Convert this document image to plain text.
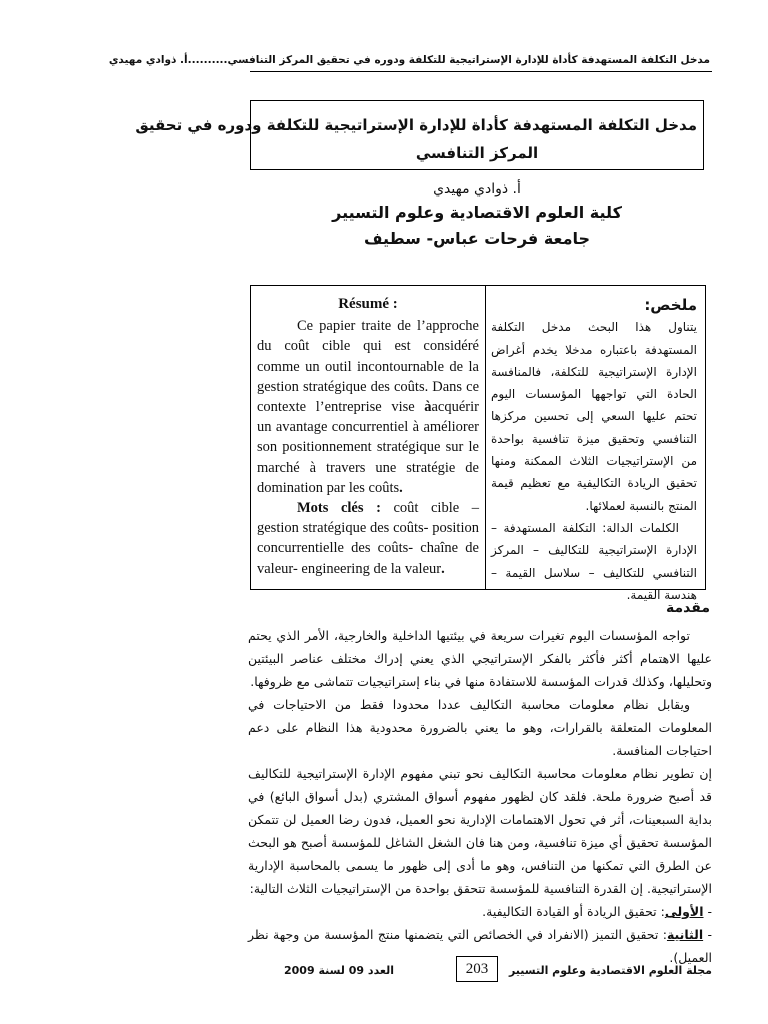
مدخل التكلفة المستهدفة كأداة للإدارة الإستراتيجية للتكلفة ودوره في تحقيق المركز التنافسي..........أ. ذوادي مهيدي
مدخل التكلفة المستهدفة كأداة للإدارة الإستراتيجية للتكلفة ودوره في تحقيق
المركز التنافسي
أ. ذوادي مهيدي
كلية العلوم الاقتصادية وعلوم التسيير
جامعة فرحات عباس- سطيف
Résumé :

Ce papier traite de l’approche du coût cible qui est considéré comme un outil incontournable de la gestion stratégique des coûts. Dans ce contexte l’entreprise vise àacquérir un avantage concurrentiel à améliorer son positionnement stratégique sur le marché à travers une stratégie de domination par les coûts.

Mots clés : coût cible – gestion stratégique des coûts- position concurrentielle des coûts- chaîne de valeur- engineering de la valeur.

ملخص:

يتناول هذا البحث مدخل التكلفة المستهدفة باعتباره مدخلا يخدم أغراض الإدارة الإستراتيجية للتكلفة، فالمنافسة الحادة التي تواجهها المؤسسات اليوم تحتم عليها السعي إلى تحسين مركزها التنافسي وتحقيق ميزة تنافسية بواحدة من الإستراتيجيات الثلاث الممكنة ومنها تحقيق الريادة التكاليفية مع تعظيم قيمة المنتج بالنسبة لعملائها.

الكلمات الدالة: التكلفة المستهدفة – الإدارة الإستراتيجية للتكاليف – المركز التنافسي للتكاليف – سلاسل القيمة – هندسة القيمة.

مقدمة

تواجه المؤسسات اليوم تغيرات سريعة في بيئتيها الداخلية والخارجية، الأمر الذي يحتم عليها الاهتمام أكثر فأكثر بالفكر الإستراتيجي الذي يعني إدراك مختلف عناصر البيئتين وتحليلها، وكذلك قدرات المؤسسة للاستفادة منها في بناء إستراتيجيات تتماشى مع ظروفها.

ويقابل نظام معلومات محاسبة التكاليف عددا محدودا فقط من الاحتياجات في المعلومات المتعلقة بالقرارات، وهو ما يعني بالضرورة محدودية هذا النظام على دعم احتياجات المنافسة.

إن تطوير نظام معلومات محاسبة التكاليف نحو تبني مفهوم الإدارة الإستراتيجية للتكاليف قد أصبح ضرورة ملحة. فلقد كان لظهور مفهوم أسواق المشتري (بدل أسواق البائع) في بداية السبعينات، أثر في تحول الاهتمامات الإدارية نحو العميل، فدون رضا العميل لن تتمكن المؤسسة تحقيق أي ميزة تنافسية، ومن هنا فان الشغل الشاغل للمؤسسة أصبح هو البحث عن الطرق التي تمكنها من التنافس، وهو ما أدى إلى ظهور ما يسمى بالمحاسبة الإدارية الإستراتيجية. إن القدرة التنافسية للمؤسسة تتحقق بواحدة من الإستراتيجيات الثلاث التالية:

- الأولى: تحقيق الريادة أو القيادة التكاليفية.

- الثانية: تحقيق التميز (الانفراد في الخصائص التي يتضمنها منتج المؤسسة من وجهة نظر العميل).

مجلة العلوم الاقتصادية وعلوم التسيير
203
العدد 09 لسنة 2009
